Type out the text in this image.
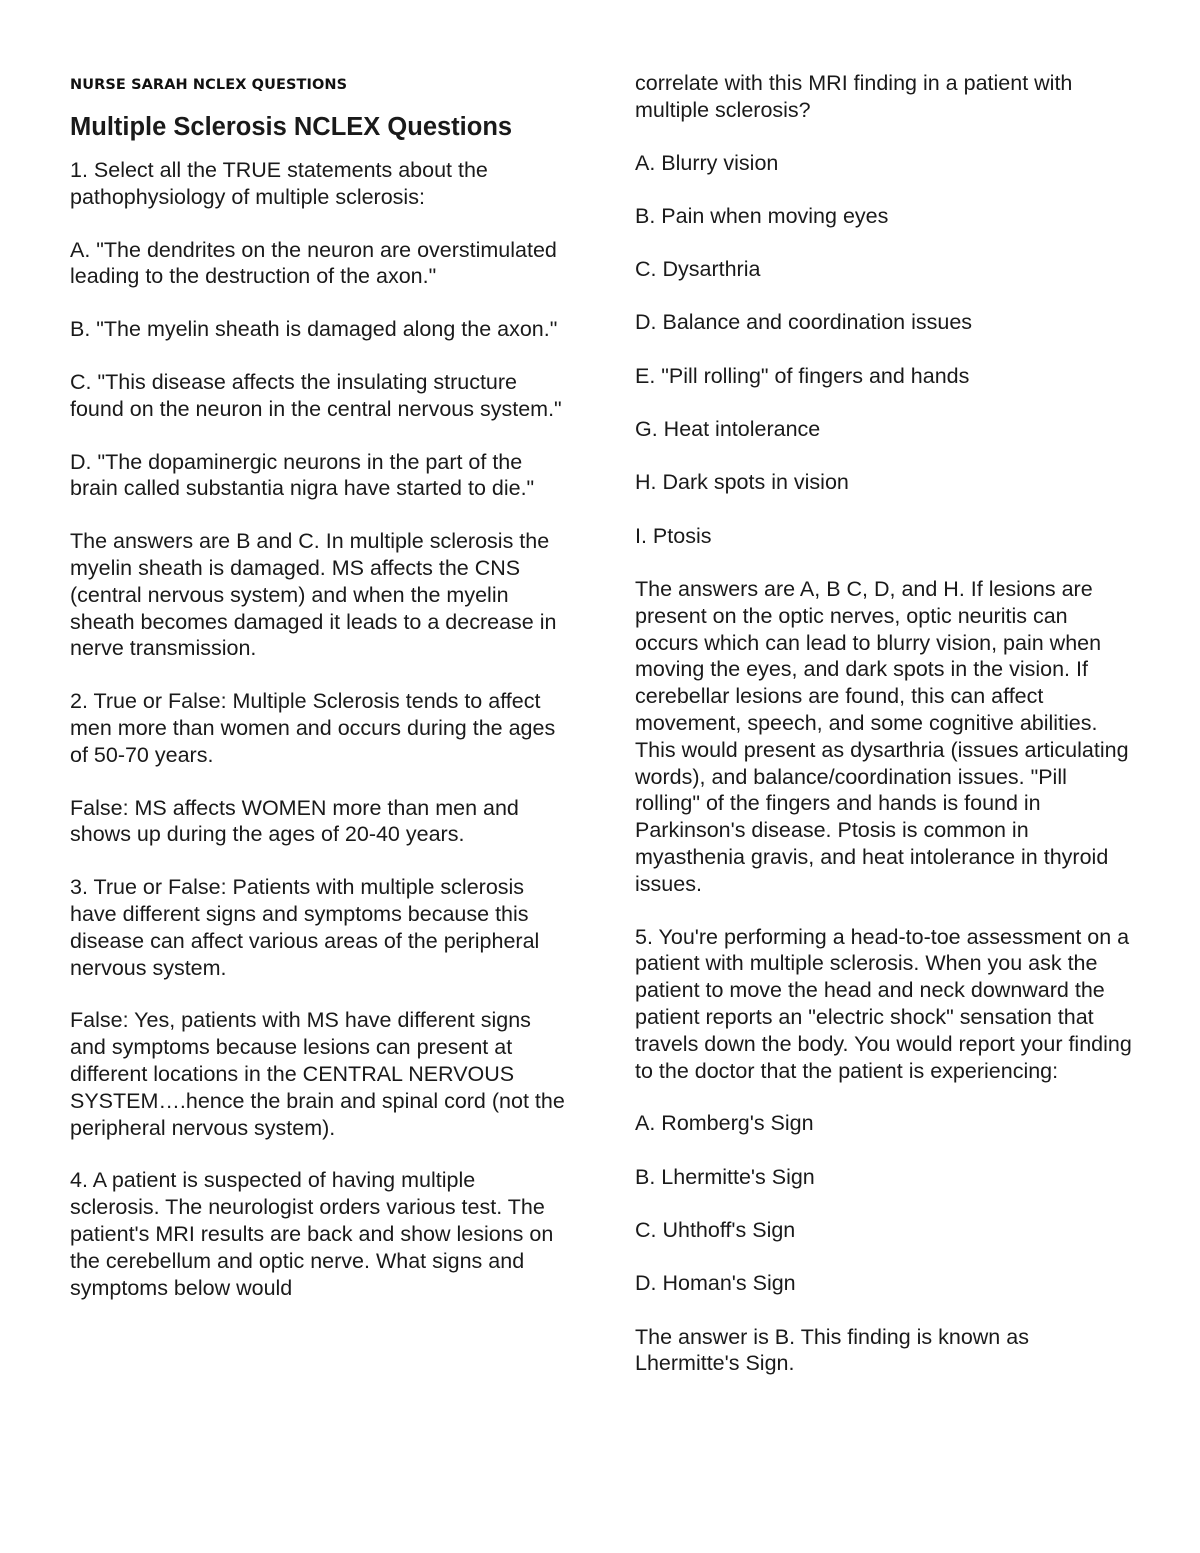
NURSE SARAH NCLEX QUESTIONS
Multiple Sclerosis NCLEX Questions

1. Select all the TRUE statements about the pathophysiology of multiple sclerosis:

A. "The dendrites on the neuron are overstimulated leading to the destruction of the axon."

B. "The myelin sheath is damaged along the axon."

C. "This disease affects the insulating structure found on the neuron in the central nervous system."

D. "The dopaminergic neurons in the part of the brain called substantia nigra have started to die."

The answers are B and C. In multiple sclerosis the myelin sheath is damaged. MS affects the CNS (central nervous system) and when the myelin sheath becomes damaged it leads to a decrease in nerve transmission.

2. True or False: Multiple Sclerosis tends to affect men more than women and occurs during the ages of 50-70 years.

False: MS affects WOMEN more than men and shows up during the ages of 20-40 years.

3. True or False: Patients with multiple sclerosis have different signs and symptoms because this disease can affect various areas of the peripheral nervous system.

False: Yes, patients with MS have different signs and symptoms because lesions can present at different locations in the CENTRAL NERVOUS SYSTEM….hence the brain and spinal cord (not the peripheral nervous system).

4. A patient is suspected of having multiple sclerosis. The neurologist orders various test. The patient's MRI results are back and show lesions on the cerebellum and optic nerve. What signs and symptoms below would

correlate with this MRI finding in a patient with multiple sclerosis?

A. Blurry vision

B. Pain when moving eyes

C. Dysarthria

D. Balance and coordination issues

E. "Pill rolling" of fingers and hands

G. Heat intolerance

H. Dark spots in vision

I. Ptosis

The answers are A, B C, D, and H. If lesions are present on the optic nerves, optic neuritis can occurs which can lead to blurry vision, pain when moving the eyes, and dark spots in the vision. If cerebellar lesions are found, this can affect movement, speech, and some cognitive abilities. This would present as dysarthria (issues articulating words), and balance/coordination issues. "Pill rolling" of the fingers and hands is found in Parkinson's disease. Ptosis is common in myasthenia gravis, and heat intolerance in thyroid issues.

5. You're performing a head-to-toe assessment on a patient with multiple sclerosis. When you ask the patient to move the head and neck downward the patient reports an "electric shock" sensation that travels down the body. You would report your finding to the doctor that the patient is experiencing:

A. Romberg's Sign

B. Lhermitte's Sign

C. Uhthoff's Sign

D. Homan's Sign

The answer is B. This finding is known as Lhermitte's Sign.
